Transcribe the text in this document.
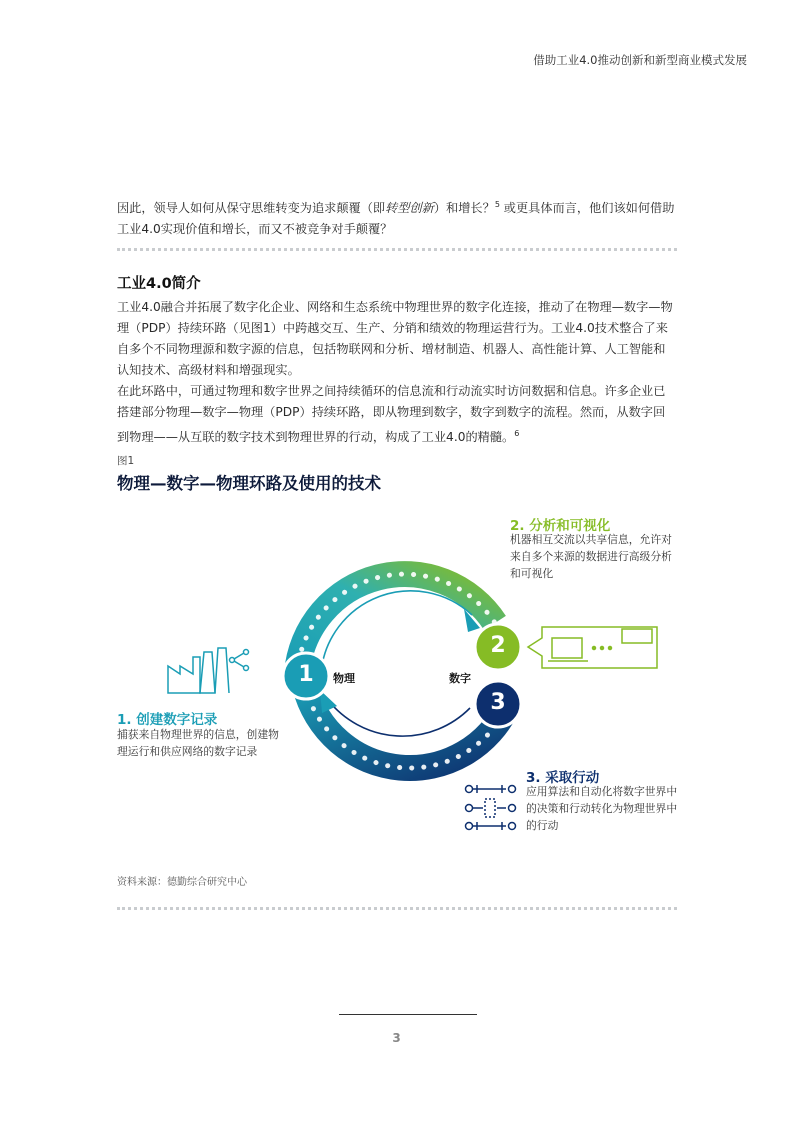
借助工业4.0推动创新和新型商业模式发展
因此，领导人如何从保守思维转变为追求颠覆（即转型创新）和增长？$^5$ 或更具体而言，他们该如何借助工业4.0实现价值和增长，而又不被竞争对手颠覆？
工业4.0简介
工业4.0融合并拓展了数字化企业、网络和生态系统中物理世界的数字化连接，推动了在物理—数字—物理（PDP）持续环路（见图1）中跨越交互、生产、分销和绩效的物理运营行为。工业4.0技术整合了来自多个不同物理源和数字源的信息，包括物联网和分析、增材制造、机器人、高性能计算、人工智能和认知技术、高级材料和增强现实。
在此环路中，可通过物理和数字世界之间持续循环的信息流和行动流实时访问数据和信息。许多企业已搭建部分物理—数字—物理（PDP）持续环路，即从物理到数字，数字到数字的流程。然而，从数字回到物理——从互联的数字技术到物理世界的行动，构成了工业4.0的精髓。$^6$
图1
物理—数字—物理环路及使用的技术
1
2
3
物理	数字
1. 创建数字记录
捕获来自物理世界的信息，创建物理运行和供应网络的数字记录
2. 分析和可视化
机器相互交流以共享信息，允许对来自多个来源的数据进行高级分析和可视化
3. 采取行动
应用算法和自动化将数字世界中的决策和行动转化为物理世界中的行动
资料来源：德勤综合研究中心
3
